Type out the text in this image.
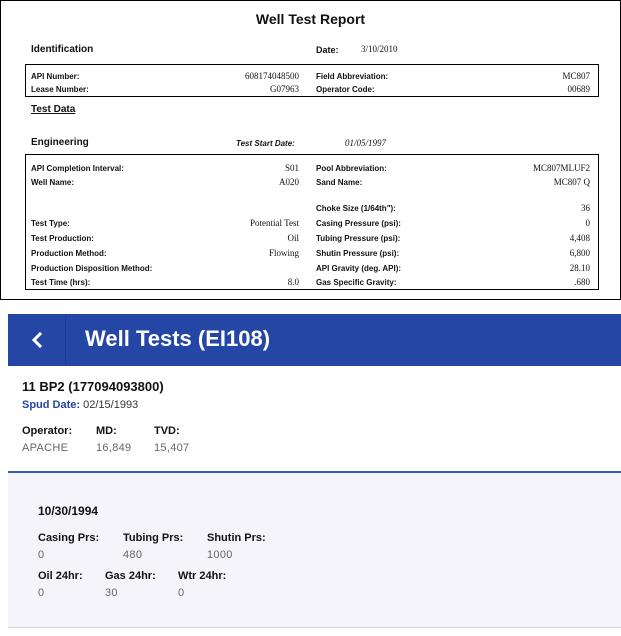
Well Test Report
Identification	Date: 3/10/2010
API Number:	608174048500
Lease Number:	G07963
Field Abbreviation:	MC807
Operator Code:	00689
Test Data
Engineering	Test Start Date:	01/05/1997
API Completion Interval:	S01
Well Name:	A020
Pool Abbreviation:	MC807MLUF2
Sand Name:	MC807 Q
Choke Size (1/64th"):	36
Test Type:	Potential Test
Test Production:	Oil
Production Method:	Flowing
Production Disposition Method:
Test Time (hrs):	8.0
Casing Pressure (psi):	0
Tubing Pressure (psi):	4,408
Shutin Pressure (psi):	6,800
API Gravity (deg. API):	28.10
Gas Specific Gravity:	.680
Well Tests (EI108)
11 BP2 (177094093800)
Spud Date: 02/15/1993
Operator:
APACHE
MD:
16,849
TVD:
15,407
10/30/1994
Casing Prs:
0
Tubing Prs:
480
Shutin Prs:
1000
Oil 24hr:
0
Gas 24hr:
30
Wtr 24hr:
0
